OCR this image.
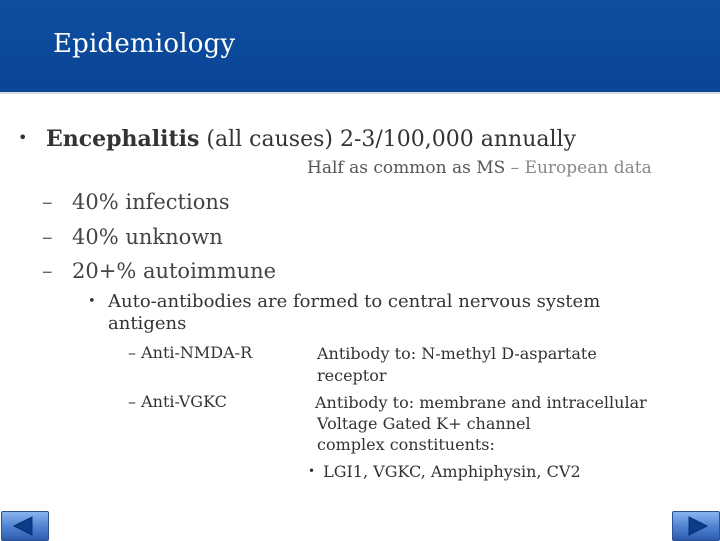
Epidemiology
• Encephalitis (all causes) 2-3/100,000 annually
Half as common as MS – European data
– 40% infections
– 40% unknown
– 20+% autoimmune
• Auto-antibodies are formed to central nervous system antigens
– Anti-NMDA-R	Antibody to: N-methyl D-aspartate
receptor
– Anti-VGKC	Antibody to: membrane and intracellular
Voltage Gated K+ channel
complex constituents:
• LGI1, VGKC, Amphiphysin, CV2
